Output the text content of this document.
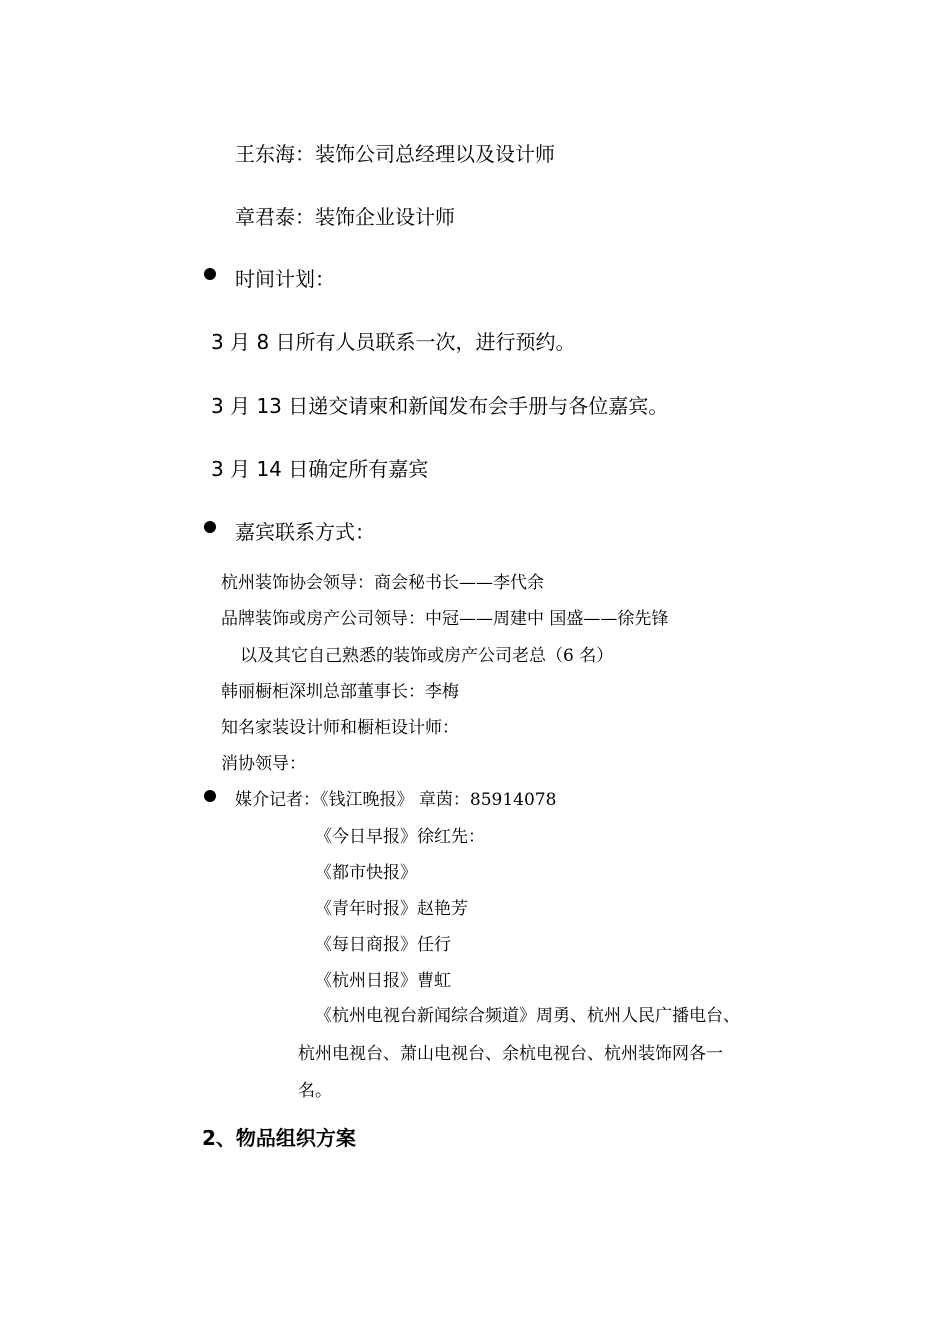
王东海：装饰公司总经理以及设计师
章君泰：装饰企业设计师
时间计划：
3 月 8 日所有人员联系一次，进行预约。
3 月 13 日递交请柬和新闻发布会手册与各位嘉宾。
3 月 14 日确定所有嘉宾
嘉宾联系方式：
杭州装饰协会领导：商会秘书长——李代余
品牌装饰或房产公司领导：中冠——周建中 国盛——徐先锋
以及其它自己熟悉的装饰或房产公司老总（6 名）
韩丽橱柜深圳总部董事长：李梅
知名家装设计师和橱柜设计师：
消协领导：
媒介记者：《钱江晚报》 章茵：85914078
《今日早报》徐红先：
《都市快报》
《青年时报》赵艳芳
《每日商报》任行
《杭州日报》曹虹
《杭州电视台新闻综合频道》周勇、杭州人民广播电台、
杭州电视台、萧山电视台、余杭电视台、杭州装饰网各一
名。
2、物品组织方案
